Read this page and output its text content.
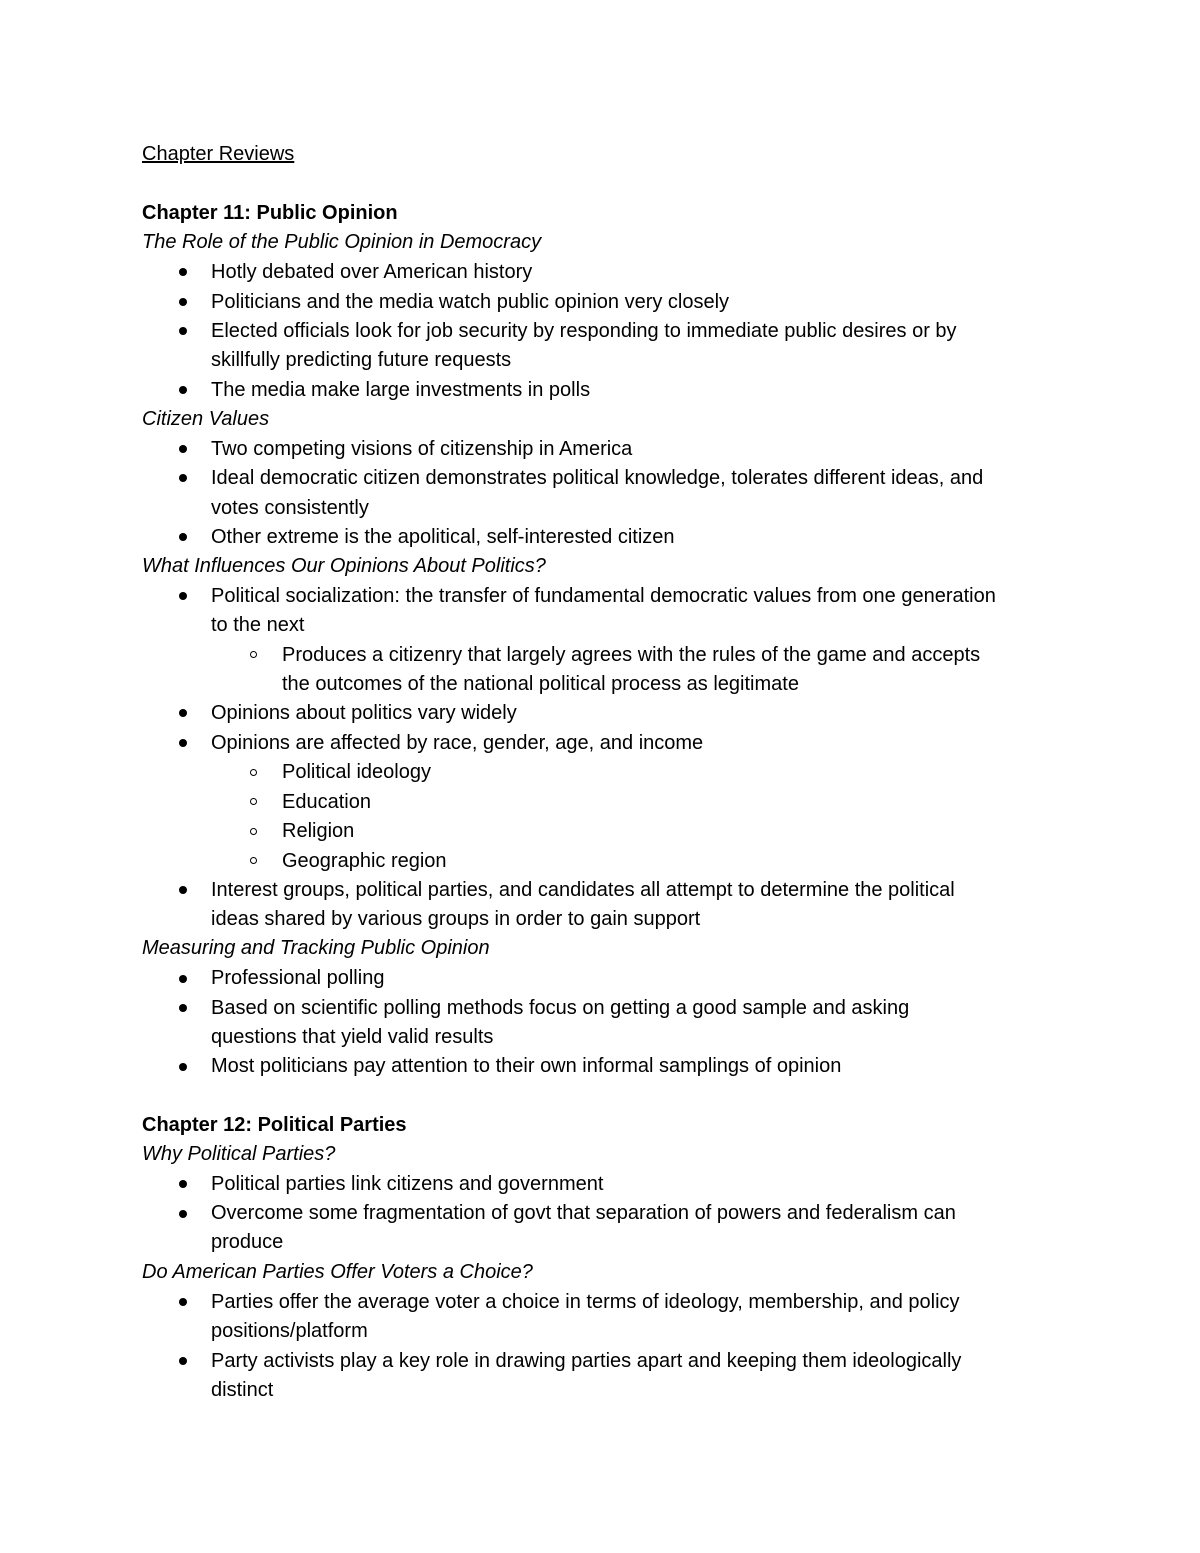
Chapter Reviews
Chapter 11: Public Opinion
The Role of the Public Opinion in Democracy
Hotly debated over American history
Politicians and the media watch public opinion very closely
Elected officials look for job security by responding to immediate public desires or by
skillfully predicting future requests
The media make large investments in polls
Citizen Values
Two competing visions of citizenship in America
Ideal democratic citizen demonstrates political knowledge, tolerates different ideas, and
votes consistently
Other extreme is the apolitical, self-interested citizen
What Influences Our Opinions About Politics?
Political socialization: the transfer of fundamental democratic values from one generation
to the next
Produces a citizenry that largely agrees with the rules of the game and accepts
the outcomes of the national political process as legitimate
Opinions about politics vary widely
Opinions are affected by race, gender, age, and income
Political ideology
Education
Religion
Geographic region
Interest groups, political parties, and candidates all attempt to determine the political
ideas shared by various groups in order to gain support
Measuring and Tracking Public Opinion
Professional polling
Based on scientific polling methods focus on getting a good sample and asking
questions that yield valid results
Most politicians pay attention to their own informal samplings of opinion
Chapter 12: Political Parties
Why Political Parties?
Political parties link citizens and government
Overcome some fragmentation of govt that separation of powers and federalism can
produce
Do American Parties Offer Voters a Choice?
Parties offer the average voter a choice in terms of ideology, membership, and policy
positions/platform
Party activists play a key role in drawing parties apart and keeping them ideologically
distinct
